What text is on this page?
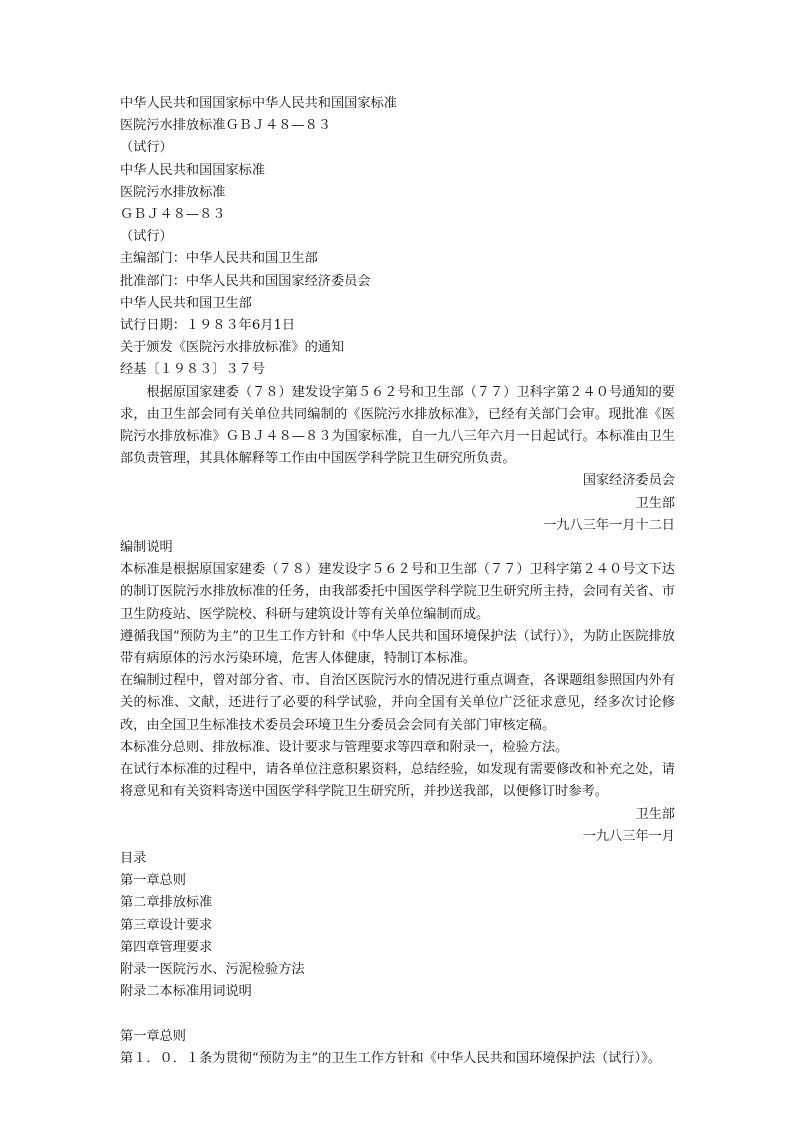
中华人民共和国国家标中华人民共和国国家标准
医院污水排放标准ＧＢＪ４８—８３
（试行）
中华人民共和国国家标准
医院污水排放标准
ＧＢＪ４８—８３
（试行）
主编部门：中华人民共和国卫生部
批准部门：中华人民共和国国家经济委员会
中华人民共和国卫生部
试行日期：１９８３年6月1日
关于颁发《医院污水排放标准》的通知
经基〔１９８３〕３７号
根据原国家建委（７８）建发设字第５６２号和卫生部（７７）卫科字第２４０号通知的要求，由卫生部会同有关单位共同编制的《医院污水排放标准》，已经有关部门会审。现批准《医院污水排放标准》ＧＢＪ４８—８３为国家标准，自一九八三年六月一日起试行。本标准由卫生部负责管理，其具体解释等工作由中国医学科学院卫生研究所负责。
国家经济委员会
卫生部
一九八三年一月十二日
编制说明
本标准是根据原国家建委（７８）建发设字５６２号和卫生部（７７）卫科字第２４０号文下达的制订医院污水排放标准的任务，由我部委托中国医学科学院卫生研究所主持，会同有关省、市卫生防疫站、医学院校、科研与建筑设计等有关单位编制而成。
遵循我国“预防为主”的卫生工作方针和《中华人民共和国环境保护法（试行）》，为防止医院排放带有病原体的污水污染环境，危害人体健康，特制订本标准。
在编制过程中，曾对部分省、市、自治区医院污水的情况进行重点调查，各课题组参照国内外有关的标准、文献，还进行了必要的科学试验，并向全国有关单位广泛征求意见，经多次讨论修改，由全国卫生标准技术委员会环境卫生分委员会会同有关部门审核定稿。
本标准分总则、排放标准、设计要求与管理要求等四章和附录一，检验方法。
在试行本标准的过程中，请各单位注意积累资料，总结经验，如发现有需要修改和补充之处，请将意见和有关资料寄送中国医学科学院卫生研究所，并抄送我部，以便修订时参考。
卫生部
一九八三年一月
目录
第一章总则
第二章排放标准
第三章设计要求
第四章管理要求
附录一医院污水、污泥检验方法
附录二本标准用词说明
第一章总则
第１．０．１条为贯彻“预防为主”的卫生工作方针和《中华人民共和国环境保护法（试行）》。
